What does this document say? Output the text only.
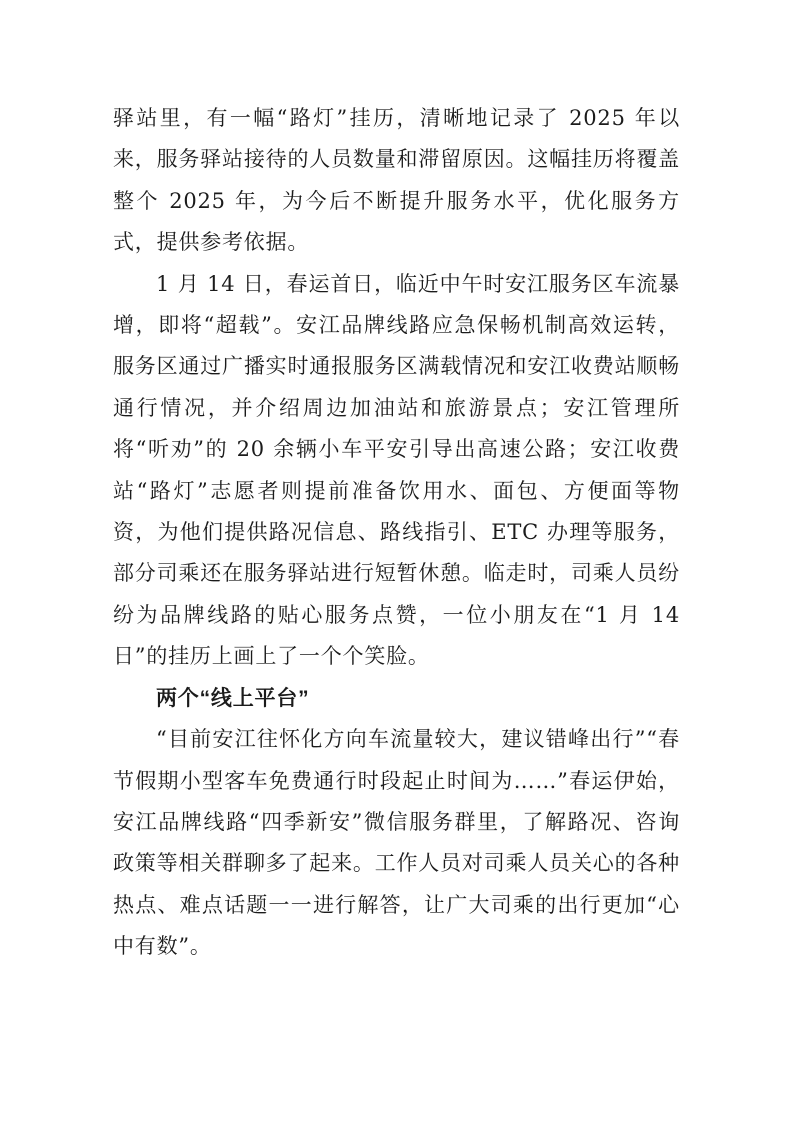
驿站里，有一幅“路灯”挂历，清晰地记录了 2025 年以来，服务驿站接待的人员数量和滞留原因。这幅挂历将覆盖整个 2025 年，为今后不断提升服务水平，优化服务方式，提供参考依据。

1 月 14 日，春运首日，临近中午时安江服务区车流暴增，即将“超载”。安江品牌线路应急保畅机制高效运转，服务区通过广播实时通报服务区满载情况和安江收费站顺畅通行情况，并介绍周边加油站和旅游景点；安江管理所将“听劝”的 20 余辆小车平安引导出高速公路；安江收费站“路灯”志愿者则提前准备饮用水、面包、方便面等物资，为他们提供路况信息、路线指引、ETC 办理等服务，部分司乘还在服务驿站进行短暂休憩。临走时，司乘人员纷纷为品牌线路的贴心服务点赞，一位小朋友在“1 月 14 日”的挂历上画上了一个个笑脸。

两个“线上平台”

“目前安江往怀化方向车流量较大，建议错峰出行”“春节假期小型客车免费通行时段起止时间为……”春运伊始，安江品牌线路“四季新安”微信服务群里，了解路况、咨询政策等相关群聊多了起来。工作人员对司乘人员关心的各种热点、难点话题一一进行解答，让广大司乘的出行更加“心中有数”。
